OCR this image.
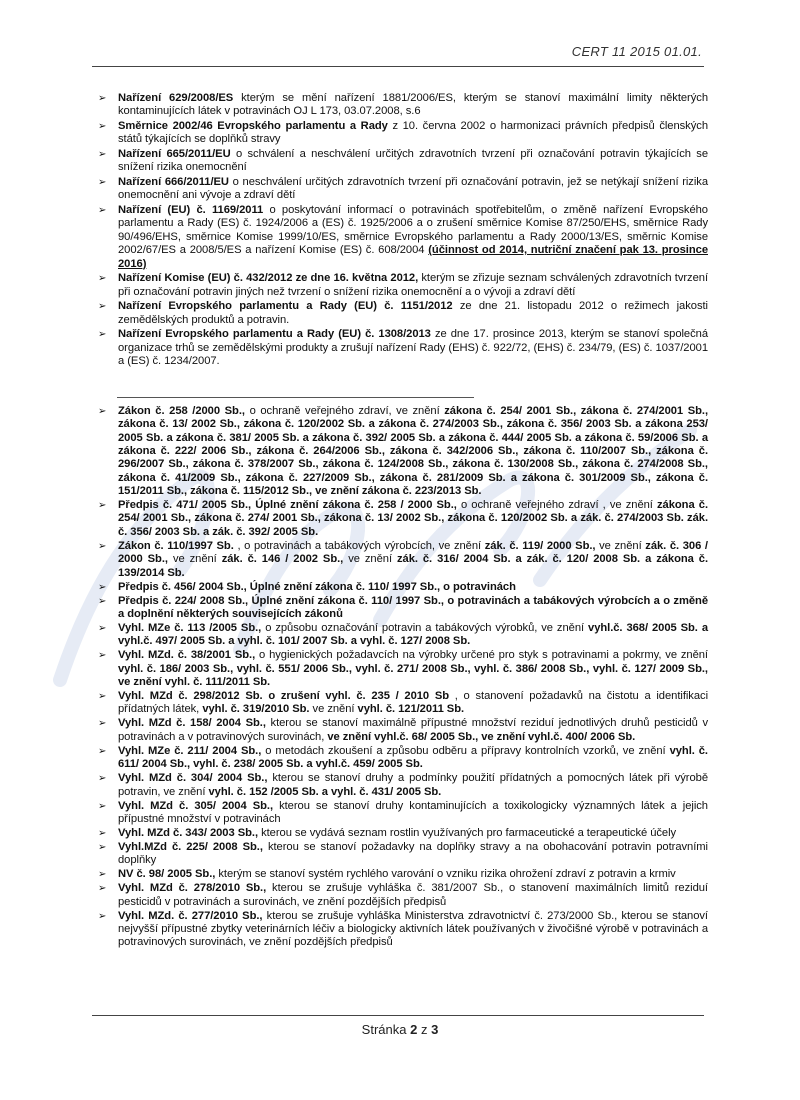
CERT 11 2015 01.01.
➢ Nařízení 629/2008/ES kterým se mění nařízení 1881/2006/ES, kterým se stanoví maximální limity některých kontaminujících látek v potravinách OJ L 173, 03.07.2008, s.6
➢ Směrnice 2002/46 Evropského parlamentu a Rady z 10. června 2002 o harmonizaci právních předpisů členských států týkajících se doplňků stravy
➢ Nařízení 665/2011/EU o schválení a neschválení určitých zdravotních tvrzení při označování potravin týkajících se snížení rizika onemocnění
➢ Nařízení 666/2011/EU o neschválení určitých zdravotních tvrzení při označování potravin, jež se netýkají snížení rizika onemocnění ani vývoje a zdraví dětí
➢ Nařízení (EU) č. 1169/2011 o poskytování informací o potravinách spotřebitelům, o změně nařízení Evropského parlamentu a Rady (ES) č. 1924/2006 a (ES) č. 1925/2006 a o zrušení směrnice Komise 87/250/EHS, směrnice Rady 90/496/EHS, směrnice Komise 1999/10/ES, směrnice Evropského parlamentu a Rady 2000/13/ES, směrnic Komise 2002/67/ES a 2008/5/ES a nařízení Komise (ES) č. 608/2004 (účinnost od 2014, nutriční značení pak 13. prosince 2016)
➢ Nařízení Komise (EU) č. 432/2012 ze dne 16. května 2012, kterým se zřizuje seznam schválených zdravotních tvrzení při označování potravin jiných než tvrzení o snížení rizika onemocnění a o vývoji a zdraví dětí
➢ Nařízení Evropského parlamentu a Rady (EU) č. 1151/2012 ze dne 21. listopadu 2012 o režimech jakosti zemědělských produktů a potravin.
➢ Nařízení Evropského parlamentu a Rady (EU) č. 1308/2013 ze dne 17. prosince 2013, kterým se stanoví společná organizace trhů se zemědělskými produkty a zrušují nařízení Rady (EHS) č. 922/72, (EHS) č. 234/79, (ES) č. 1037/2001 a (ES) č. 1234/2007.
➢ Zákon č. 258 /2000 Sb., o ochraně veřejného zdraví, ve znění zákona č. 254/ 2001 Sb., zákona č. 274/2001 Sb., zákona č. 13/ 2002 Sb., zákona č. 120/2002 Sb. a zákona č. 274/2003 Sb., zákona č. 356/ 2003 Sb. a zákona 253/ 2005 Sb. a zákona č. 381/ 2005 Sb. a zákona č. 392/ 2005 Sb. a zákona č. 444/ 2005 Sb. a zákona č. 59/2006 Sb. a zákona č. 222/ 2006 Sb., zákona č. 264/2006 Sb., zákona č. 342/2006 Sb., zákona č. 110/2007 Sb., zákona č. 296/2007 Sb., zákona č. 378/2007 Sb., zákona č. 124/2008 Sb., zákona č. 130/2008 Sb., zákona č. 274/2008 Sb., zákona č. 41/2009 Sb., zákona č. 227/2009 Sb., zákona č. 281/2009 Sb. a zákona č. 301/2009 Sb., zákona č. 151/2011 Sb., zákona č. 115/2012 Sb., ve znění zákona č. 223/2013 Sb.
➢ Předpis č. 471/ 2005 Sb., Úplné znění zákona č. 258 / 2000 Sb., o ochraně veřejného zdraví , ve znění zákona č. 254/ 2001 Sb., zákona č. 274/ 2001 Sb., zákona č. 13/ 2002 Sb., zákona č. 120/2002 Sb. a zák. č. 274/2003 Sb. zák. č. 356/ 2003 Sb. a zák. č. 392/ 2005 Sb.
➢ Zákon č. 110/1997 Sb. , o potravinách a tabákových výrobcích, ve znění zák. č. 119/ 2000 Sb., ve znění zák. č. 306 / 2000 Sb., ve znění zák. č. 146 / 2002 Sb., ve znění zák. č. 316/ 2004 Sb. a zák. č. 120/ 2008 Sb. a zákona č. 139/2014 Sb.
➢ Předpis č. 456/ 2004 Sb., Úplné znění zákona č. 110/ 1997 Sb., o potravinách
➢ Předpis č. 224/ 2008 Sb., Úplné znění zákona č. 110/ 1997 Sb., o potravinách a tabákových výrobcích a o změně a doplnění některých souvisejících zákonů
➢ Vyhl. MZe č. 113 /2005 Sb., o způsobu označování potravin a tabákových výrobků, ve znění vyhl.č. 368/ 2005 Sb. a vyhl.č. 497/ 2005 Sb. a vyhl. č. 101/ 2007 Sb. a vyhl. č. 127/ 2008 Sb.
➢ Vyhl. MZd. č. 38/2001 Sb., o hygienických požadavcích na výrobky určené pro styk s potravinami a pokrmy, ve znění vyhl. č. 186/ 2003 Sb., vyhl. č. 551/ 2006 Sb., vyhl. č. 271/ 2008 Sb., vyhl. č. 386/ 2008 Sb., vyhl. č. 127/ 2009 Sb., ve znění vyhl. č. 111/2011 Sb.
➢ Vyhl. MZd č. 298/2012 Sb. o zrušení vyhl. č. 235 / 2010 Sb , o stanovení požadavků na čistotu a identifikaci přídatných látek, vyhl. č. 319/2010 Sb. ve znění vyhl. č. 121/2011 Sb.
➢ Vyhl. MZd č. 158/ 2004 Sb., kterou se stanoví maximálně přípustné množství reziduí jednotlivých druhů pesticidů v potravinách a v potravinových surovinách, ve znění vyhl.č. 68/ 2005 Sb., ve znění vyhl.č. 400/ 2006 Sb.
➢ Vyhl. MZe č. 211/ 2004 Sb., o metodách zkoušení a způsobu odběru a přípravy kontrolních vzorků, ve znění vyhl. č. 611/ 2004 Sb., vyhl. č. 238/ 2005 Sb. a vyhl.č. 459/ 2005 Sb.
➢ Vyhl. MZd č. 304/ 2004 Sb., kterou se stanoví druhy a podmínky použití přídatných a pomocných látek při výrobě potravin, ve znění vyhl. č. 152 /2005 Sb. a vyhl. č. 431/ 2005 Sb.
➢ Vyhl. MZd č. 305/ 2004 Sb., kterou se stanoví druhy kontaminujících a toxikologicky významných látek a jejich přípustné množství v potravinách
➢ Vyhl. MZd č. 343/ 2003 Sb., kterou se vydává seznam rostlin využívaných pro farmaceutické a terapeutické účely
➢ Vyhl.MZd č. 225/ 2008 Sb., kterou se stanoví požadavky na doplňky stravy a na obohacování potravin potravními doplňky
➢ NV č. 98/ 2005 Sb., kterým se stanoví systém rychlého varování o vzniku rizika ohrožení zdraví z potravin a krmiv
➢ Vyhl. MZd č. 278/2010 Sb., kterou se zrušuje vyhláška č. 381/2007 Sb., o stanovení maximálních limitů reziduí pesticidů v potravinách a surovinách, ve znění pozdějších předpisů
➢ Vyhl. MZd. č. 277/2010 Sb., kterou se zrušuje vyhláška Ministerstva zdravotnictví č. 273/2000 Sb., kterou se stanoví nejvyšší přípustné zbytky veterinárních léčiv a biologicky aktivních látek používaných v živočišné výrobě v potravinách a potravinových surovinách, ve znění pozdějších předpisů
Stránka 2 z 3
